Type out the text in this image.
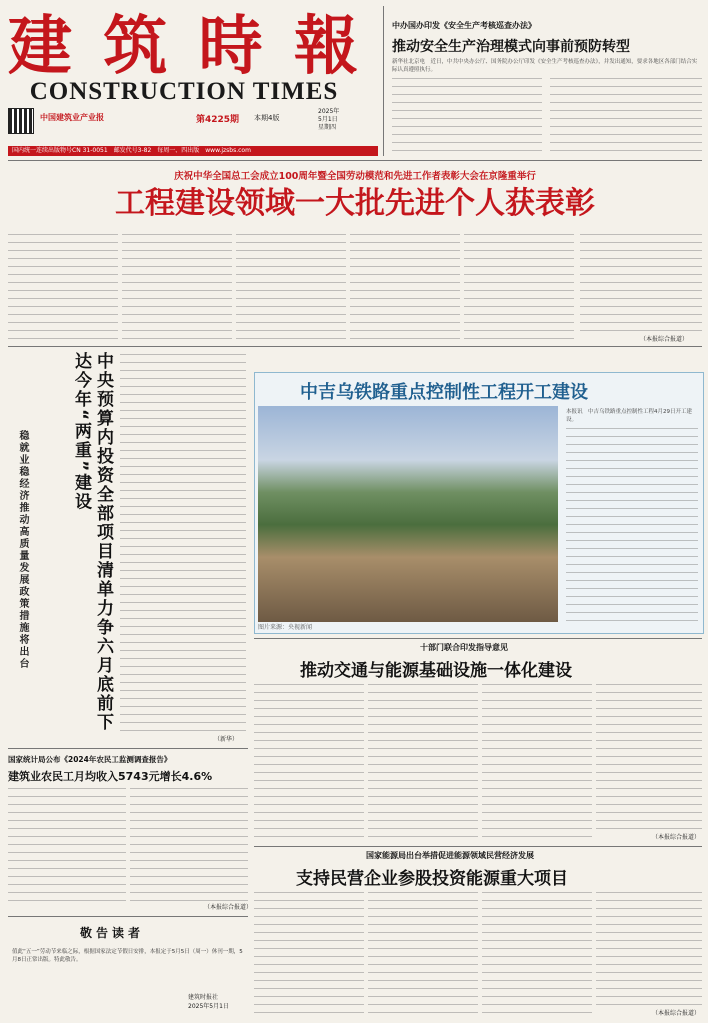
建 筑 時 報
CONSTRUCTION TIMES
中国建筑业产业报	第4225期 本期4版
2025年
5月1日
星期四
国内统一连续出版物号CN 31-0051　邮发代号3-82　每周一、四出版　www.jzsbs.com
中办国办印发《安全生产考核巡查办法》
推动安全生产治理模式向事前预防转型
新华社北京电　近日，中共中央办公厅、国务院办公厅印发《安全生产考核巡查办法》，并发出通知，要求各地区各部门结合实际认真遵照执行。
庆祝中华全国总工会成立100周年暨全国劳动模范和先进工作者表彰大会在京隆重举行
工程建设领域一大批先进个人获表彰
（本报综合报道）
中央预算内投资全部项目清单力争六月底前下达今年“两重”建设
稳就业稳经济推动高质量发展政策措施将出台
（新华）
中吉乌铁路重点控制性工程开工建设
图片来源：央视新闻
本报讯　中吉乌铁路重点控制性工程4月29日开工建设。
国家统计局公布《2024年农民工监测调查报告》
建筑业农民工月均收入5743元增长4.6%
（本报综合报道）
敬告读者
值此“五一”劳动节来临之际，根据国家法定节假日安排，本报定于5月5日（周一）休刊一期，5月8日正常出版。特此敬告。
建筑时报社
2025年5月1日
十部门联合印发指导意见
推动交通与能源基础设施一体化建设
（本报综合报道）
国家能源局出台举措促进能源领域民营经济发展
支持民营企业参股投资能源重大项目
（本报综合报道）
